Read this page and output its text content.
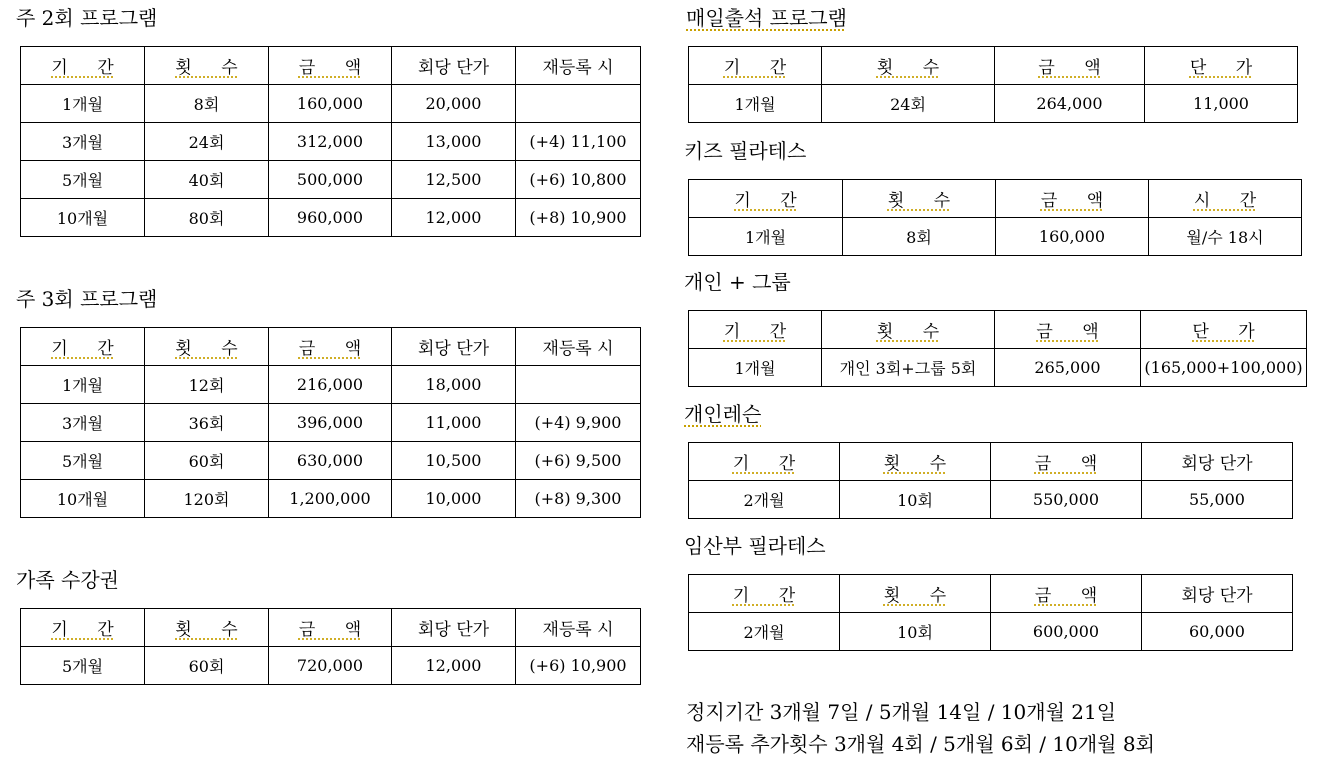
주 2회 프로그램
기 간	횟 수	금 액	회당 단가	재등록 시
1개월	8회	160,000	20,000	
3개월	24회	312,000	13,000	(+4) 11,100
5개월	40회	500,000	12,500	(+6) 10,800
10개월	80회	960,000	12,000	(+8) 10,900
주 3회 프로그램
기 간	횟 수	금 액	회당 단가	재등록 시
1개월	12회	216,000	18,000	
3개월	36회	396,000	11,000	(+4) 9,900
5개월	60회	630,000	10,500	(+6) 9,500
10개월	120회	1,200,000	10,000	(+8) 9,300
가족 수강권
기 간	횟 수	금 액	회당 단가	재등록 시
5개월	60회	720,000	12,000	(+6) 10,900
매일출석 프로그램
기 간	횟 수	금 액	단 가
1개월	24회	264,000	11,000
키즈 필라테스
기 간	횟 수	금 액	시 간
1개월	8회	160,000	월/수 18시
개인 + 그룹
기 간	횟 수	금 액	단 가
1개월	개인 3회+그룹 5회	265,000	(165,000+100,000)
개인레슨
기 간	횟 수	금 액	회당 단가
2개월	10회	550,000	55,000
임산부 필라테스
기 간	횟 수	금 액	회당 단가
2개월	10회	600,000	60,000
정지기간 3개월 7일 / 5개월 14일 / 10개월 21일
재등록 추가횟수 3개월 4회 / 5개월 6회 / 10개월 8회
